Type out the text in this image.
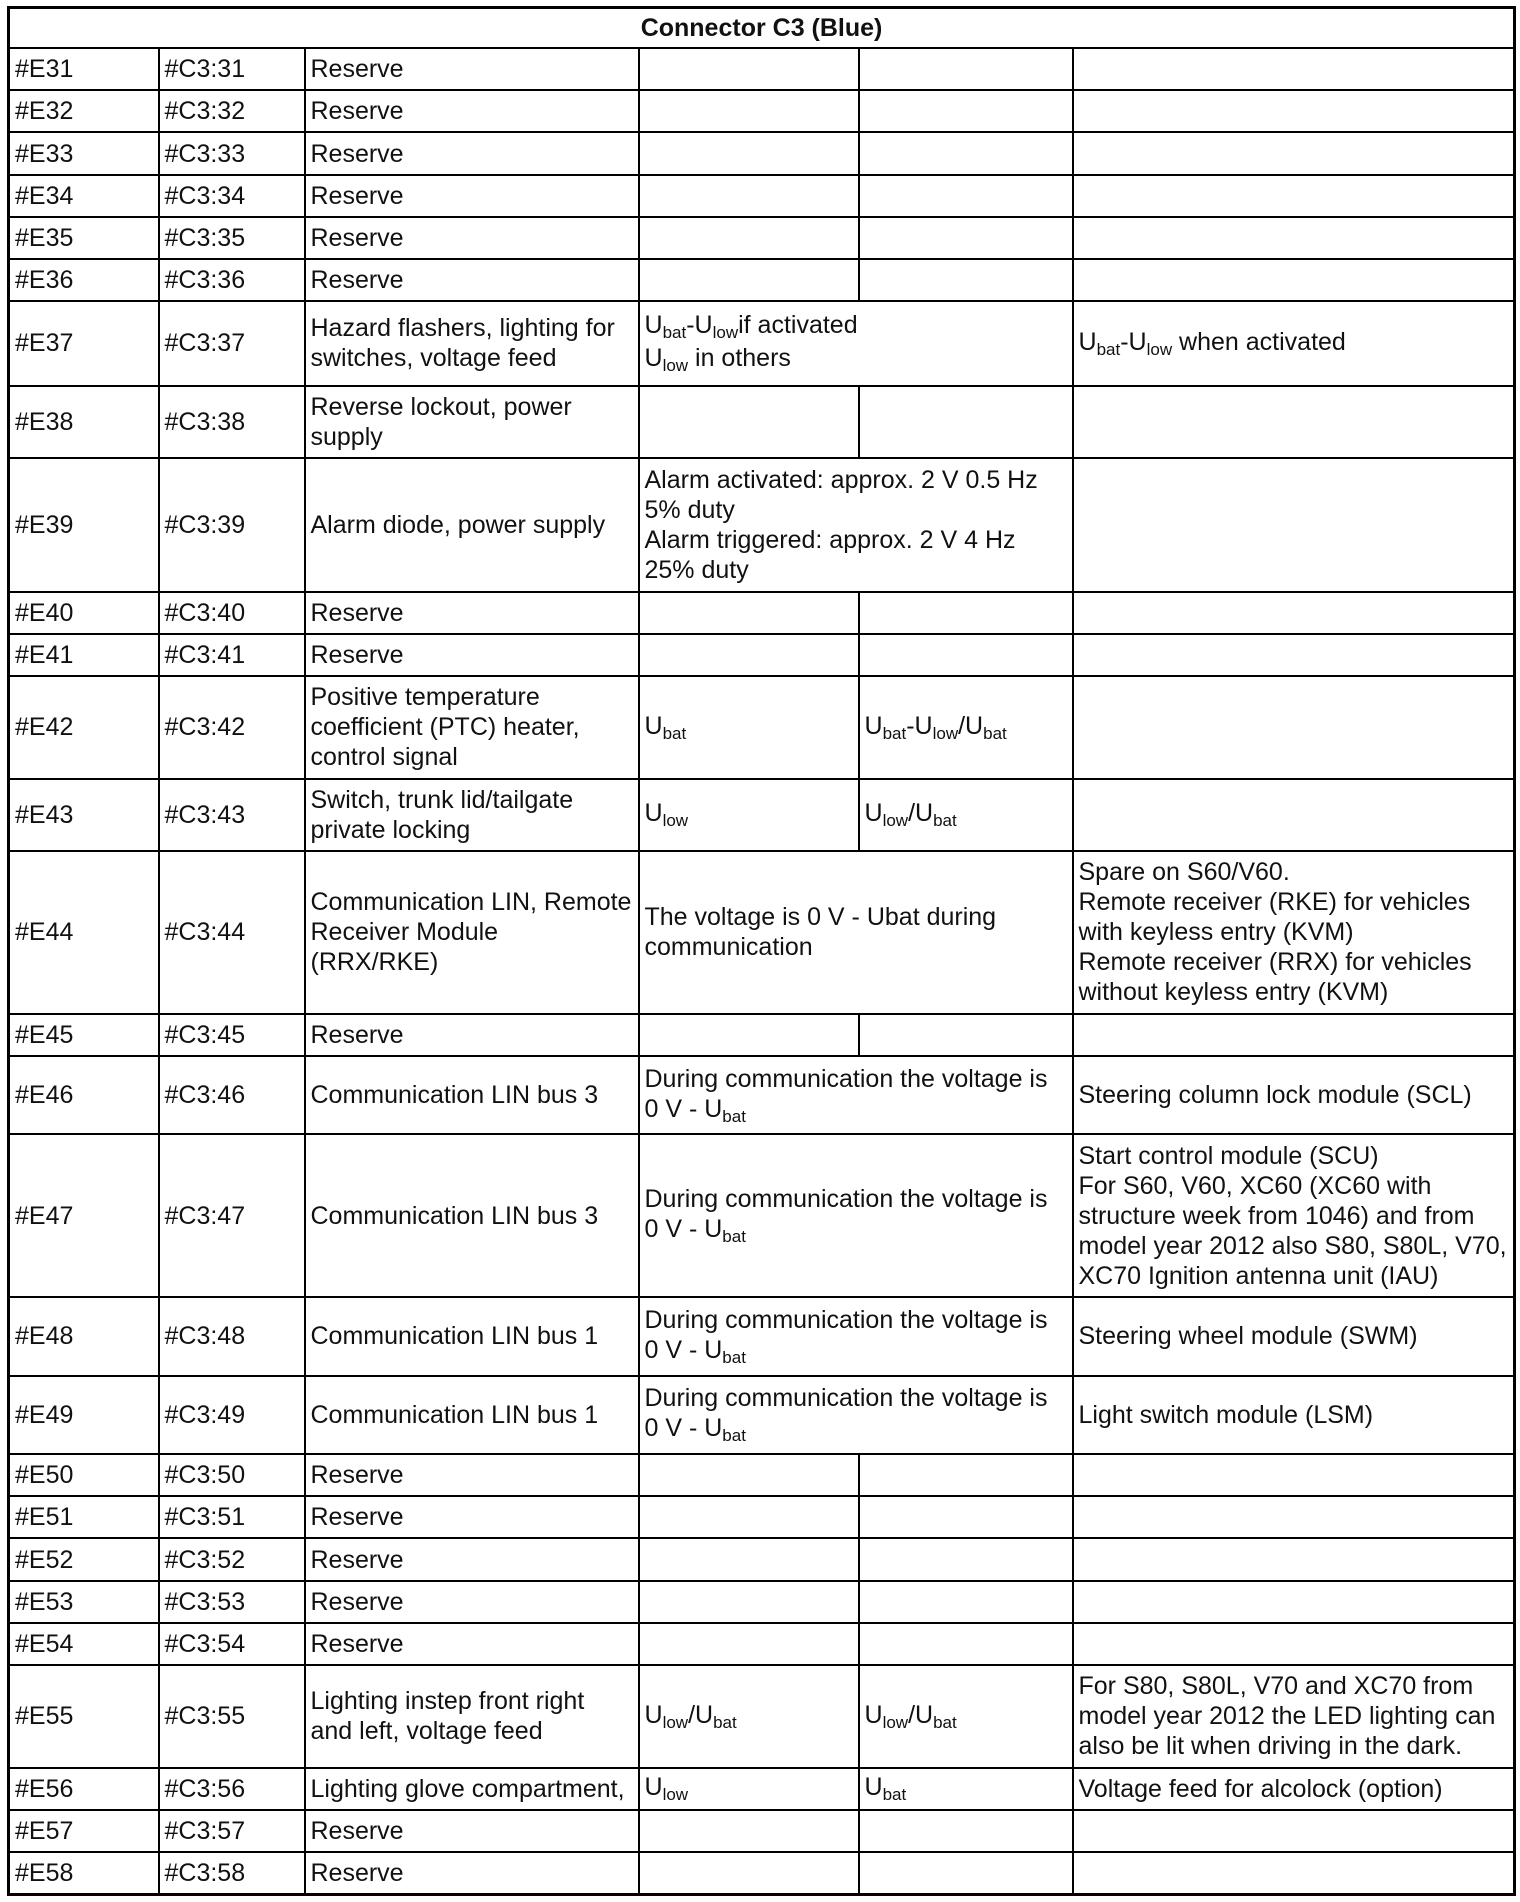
Connector C3 (Blue)					

#E31	#C3:31	Reserve			

#E32	#C3:32	Reserve			

#E33	#C3:33	Reserve			

#E34	#C3:34	Reserve			

#E35	#C3:35	Reserve			

#E36	#C3:36	Reserve			

#E37	#C3:37	Hazard flashers, lighting for
switches, voltage feed	$U_{bat}-U_{low}if$ activated
$U_{low}$ in others		$U_{bat}-U_{low}$ when activated

#E38	#C3:38	Reverse lockout, power
supply			

#E39	#C3:39	Alarm diode, power supply	Alarm activated: approx. 2 V 0.5 Hz
5% duty
Alarm triggered: approx. 2 V 4 Hz
25% duty		

#E40	#C3:40	Reserve			

#E41	#C3:41	Reserve			

#E42	#C3:42	Positive temperature
coefficient (PTC) heater,
control signal	$U_{bat}$	$U_{bat}-U_{low}/U_{bat}$

#E43	#C3:43	Switch, trunk lid/tailgate
private locking	$U_{low}$	$U_{low}/U_{bat}$

#E44	#C3:44	Communication LIN, Remote
Receiver Module
(RRX/RKE)	The voltage is 0 V - Ubat during
communication		Spare on S60/V60.
Remote receiver (RKE) for vehicles
with keyless entry (KVM)
Remote receiver (RRX) for vehicles
without keyless entry (KVM)

#E45	#C3:45	Reserve			

#E46	#C3:46	Communication LIN bus 3	During communication the voltage is
0 V - $U_{bat}$		Steering column lock module (SCL)

#E47	#C3:47	Communication LIN bus 3	During communication the voltage is
0 V - $U_{bat}$		Start control module (SCU)
For S60, V60, XC60 (XC60 with
structure week from 1046) and from
model year 2012 also S80, S80L, V70,
XC70 Ignition antenna unit (IAU)

#E48	#C3:48	Communication LIN bus 1	During communication the voltage is
0 V - $U_{bat}$		Steering wheel module (SWM)

#E49	#C3:49	Communication LIN bus 1	During communication the voltage is
0 V - $U_{bat}$		Light switch module (LSM)

#E50	#C3:50	Reserve			

#E51	#C3:51	Reserve			

#E52	#C3:52	Reserve			

#E53	#C3:53	Reserve			

#E54	#C3:54	Reserve			

#E55	#C3:55	Lighting instep front right
and left, voltage feed	$U_{low}/U_{bat}$	$U_{low}/U_{bat}$	For S80, S80L, V70 and XC70 from
model year 2012 the LED lighting can
also be lit when driving in the dark.

#E56	#C3:56	Lighting glove compartment,	$U_{low}$	$U_{bat}$	Voltage feed for alcolock (option)

#E57	#C3:57	Reserve			

#E58	#C3:58	Reserve			
